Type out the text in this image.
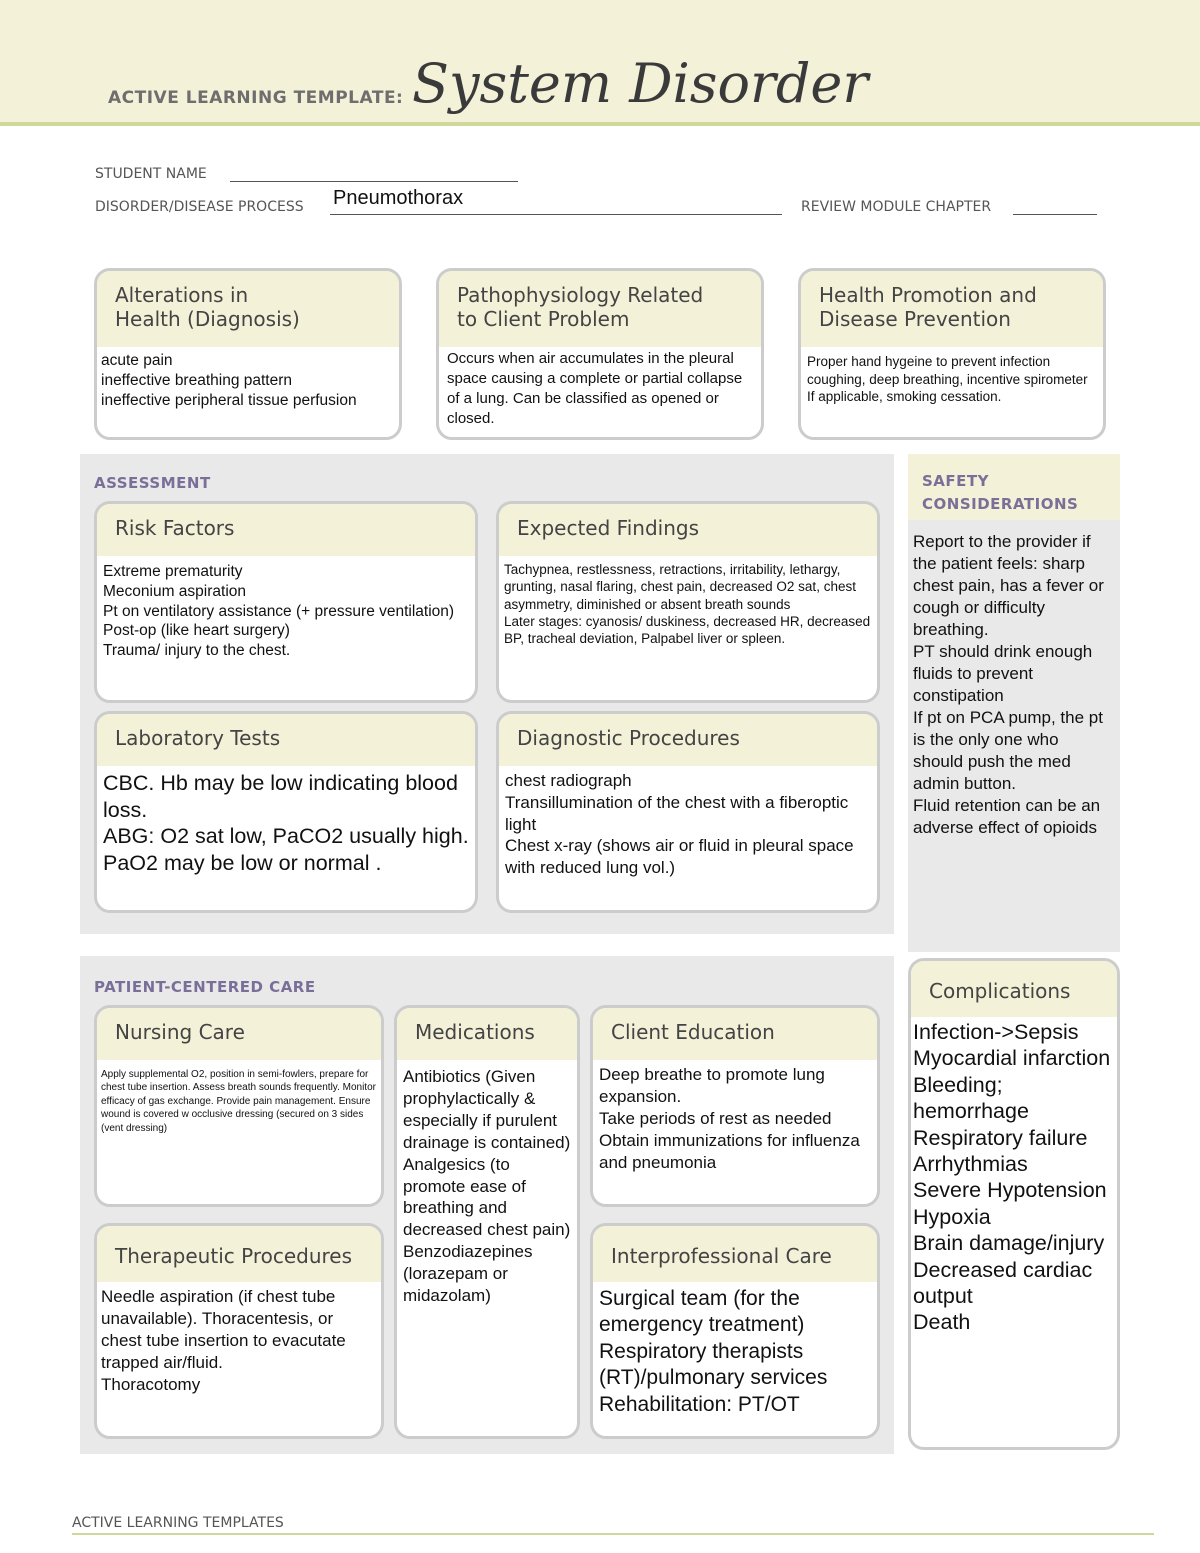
ACTIVE LEARNING TEMPLATE: System Disorder
STUDENT NAME
DISORDER/DISEASE PROCESS Pneumothorax	REVIEW MODULE CHAPTER
Alterations in
Health (Diagnosis)
acute pain
ineffective breathing pattern
ineffective peripheral tissue perfusion
Pathophysiology Related
to Client Problem
Occurs when air accumulates in the pleural space causing a complete or partial collapse of a lung. Can be classified as opened or closed.
Health Promotion and
Disease Prevention
Proper hand hygeine to prevent infection
coughing, deep breathing, incentive spirometer
If applicable, smoking cessation.
ASSESSMENT
Risk Factors
Extreme prematurity
Meconium aspiration
Pt on ventilatory assistance (+ pressure ventilation)
Post-op (like heart surgery)
Trauma/ injury to the chest.
Expected Findings
Tachypnea, restlessness, retractions, irritability, lethargy, grunting, nasal flaring, chest pain, decreased O2 sat, chest asymmetry, diminished or absent breath sounds
Later stages: cyanosis/ duskiness, decreased HR, decreased BP, tracheal deviation, Palpabel liver or spleen.
Laboratory Tests
CBC. Hb may be low indicating blood loss.
ABG: O2 sat low, PaCO2 usually high. PaO2 may be low or normal .
Diagnostic Procedures
chest radiograph
Transillumination of the chest with a fiberoptic light
Chest x-ray (shows air or fluid in pleural space with reduced lung vol.)
SAFETY
CONSIDERATIONS
Report to the provider if the patient feels: sharp chest pain, has a fever or cough or difficulty breathing.
PT should drink enough fluids to prevent constipation
If pt on PCA pump, the pt is the only one who should push the med admin button.
Fluid retention can be an adverse effect of opioids
PATIENT-CENTERED CARE
Nursing Care
Apply supplemental O2, position in semi-fowlers, prepare for chest tube insertion. Assess breath sounds frequently. Monitor efficacy of gas exchange. Provide pain management. Ensure wound is covered w occlusive dressing (secured on 3 sides (vent dressing)
Medications
Antibiotics (Given prophylactically & especially if purulent drainage is contained)
Analgesics (to promote ease of breathing and decreased chest pain)
Benzodiazepines (lorazepam or midazolam)
Client Education
Deep breathe to promote lung expansion.
Take periods of rest as needed
Obtain immunizations for influenza and pneumonia
Therapeutic Procedures
Needle aspiration (if chest tube unavailable). Thoracentesis, or chest tube insertion to evacutate trapped air/fluid.
Thoracotomy
Interprofessional Care
Surgical team (for the emergency treatment)
Respiratory therapists (RT)/pulmonary services
Rehabilitation: PT/OT
Complications
Infection->Sepsis
Myocardial infarction
Bleeding; hemorrhage
Respiratory failure
Arrhythmias
Severe Hypotension
Hypoxia
Brain damage/injury
Decreased cardiac output
Death
ACTIVE LEARNING TEMPLATES
